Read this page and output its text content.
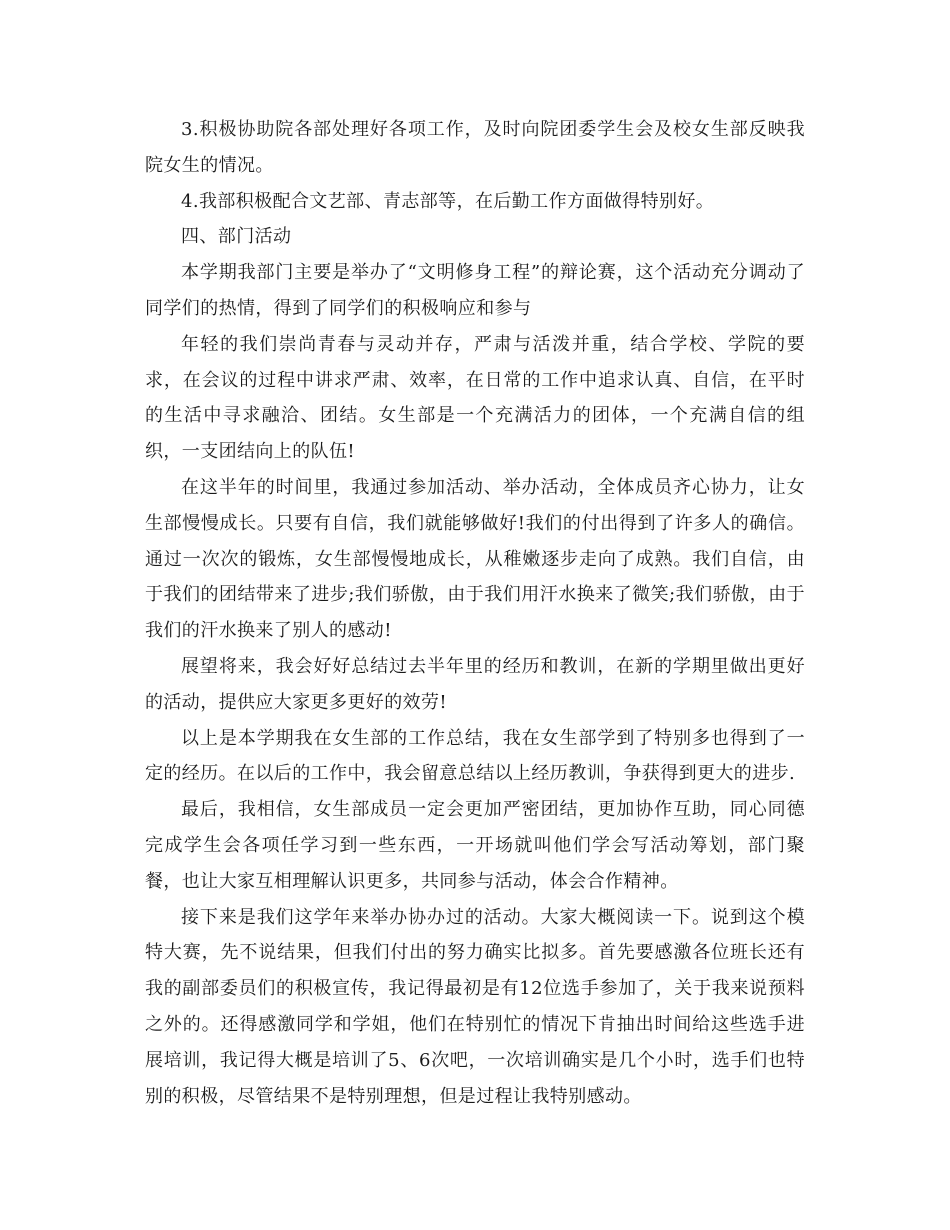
3.积极协助院各部处理好各项工作，及时向院团委学生会及校女生部反映我院女生的情况。

4.我部积极配合文艺部、青志部等，在后勤工作方面做得特别好。

四、部门活动

本学期我部门主要是举办了“文明修身工程”的辩论赛，这个活动充分调动了同学们的热情，得到了同学们的积极响应和参与

年轻的我们崇尚青春与灵动并存，严肃与活泼并重，结合学校、学院的要求，在会议的过程中讲求严肃、效率，在日常的工作中追求认真、自信，在平时的生活中寻求融洽、团结。女生部是一个充满活力的团体，一个充满自信的组织，一支团结向上的队伍!

在这半年的时间里，我通过参加活动、举办活动，全体成员齐心协力，让女生部慢慢成长。只要有自信，我们就能够做好!我们的付出得到了许多人的确信。通过一次次的锻炼，女生部慢慢地成长，从稚嫩逐步走向了成熟。我们自信，由于我们的团结带来了进步;我们骄傲，由于我们用汗水换来了微笑;我们骄傲，由于我们的汗水换来了别人的感动!

展望将来，我会好好总结过去半年里的经历和教训，在新的学期里做出更好的活动，提供应大家更多更好的效劳!

以上是本学期我在女生部的工作总结，我在女生部学到了特别多也得到了一定的经历。在以后的工作中，我会留意总结以上经历教训，争获得到更大的进步.

最后，我相信，女生部成员一定会更加严密团结，更加协作互助，同心同德完成学生会各项任学习到一些东西，一开场就叫他们学会写活动筹划，部门聚餐，也让大家互相理解认识更多，共同参与活动，体会合作精神。

接下来是我们这学年来举办协办过的活动。大家大概阅读一下。说到这个模特大赛，先不说结果，但我们付出的努力确实比拟多。首先要感激各位班长还有我的副部委员们的积极宣传，我记得最初是有12位选手参加了，关于我来说预料之外的。还得感激同学和学姐，他们在特别忙的情况下肯抽出时间给这些选手进展培训，我记得大概是培训了5、6次吧，一次培训确实是几个小时，选手们也特别的积极，尽管结果不是特别理想，但是过程让我特别感动。
